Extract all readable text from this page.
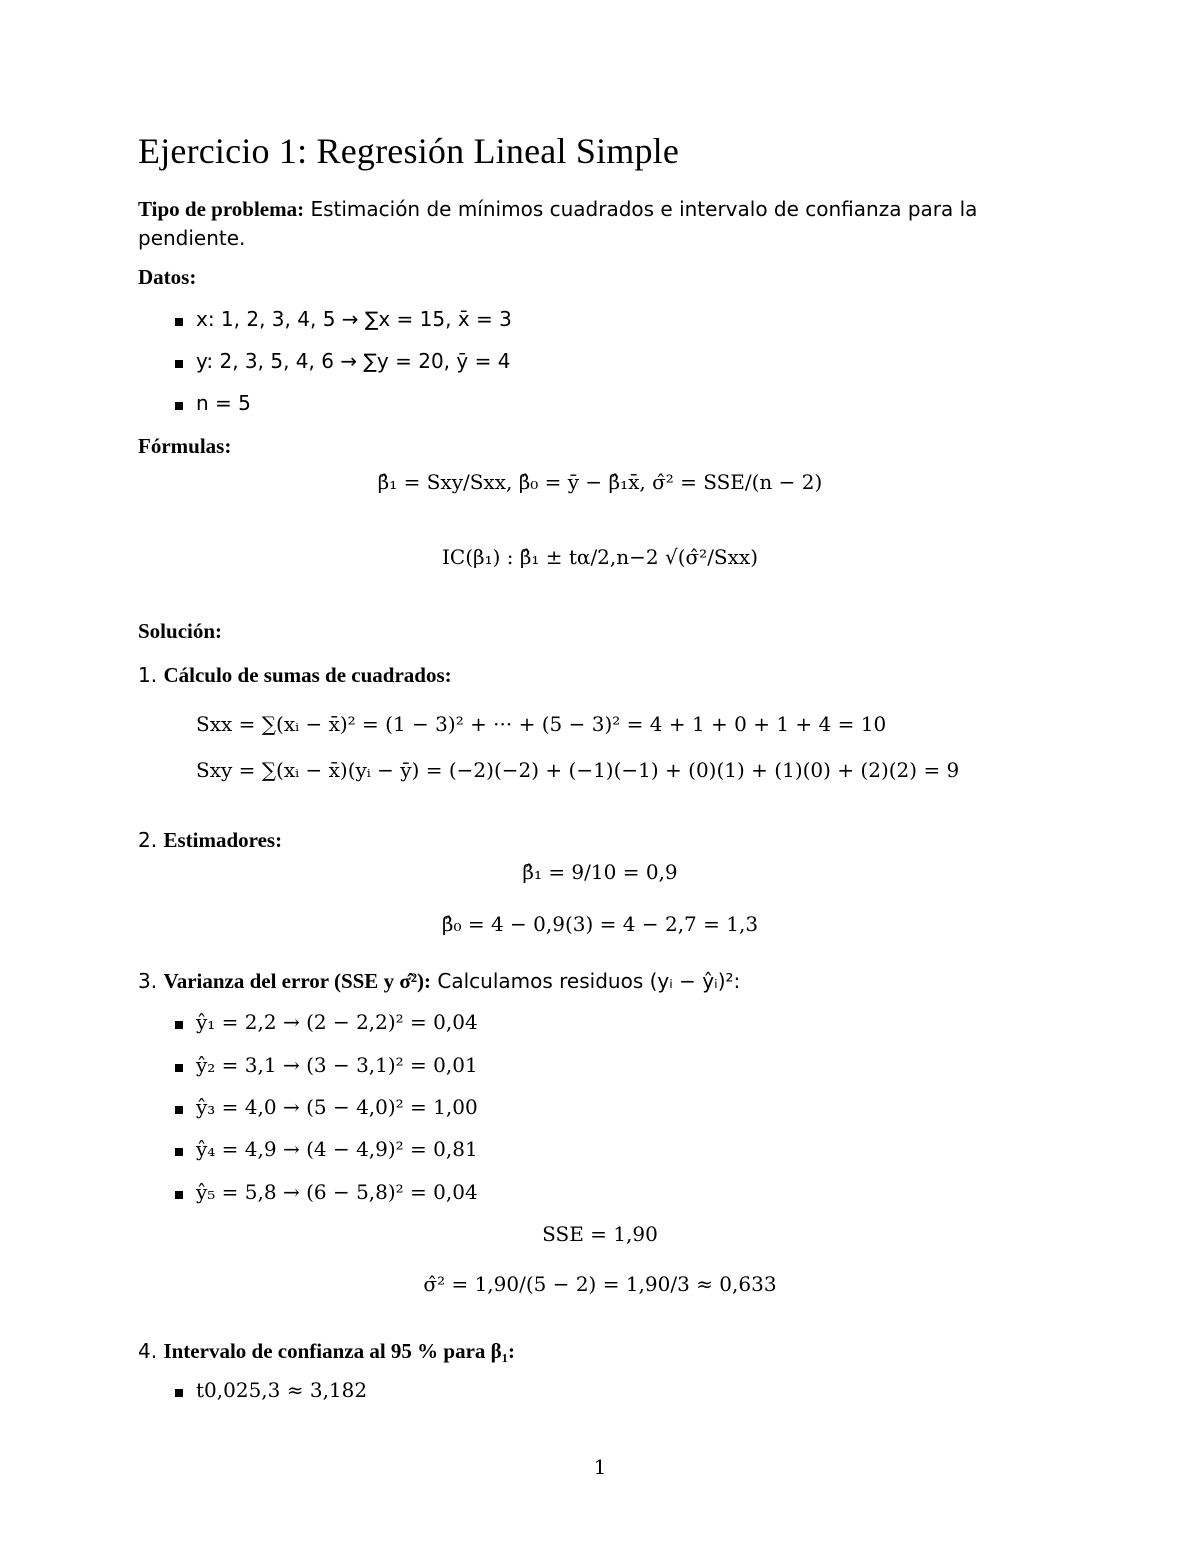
Ejercicio 1: Regresión Lineal Simple
Tipo de problema: Estimación de mínimos cuadrados e intervalo de confianza para la
pendiente.
Datos:
x: 1, 2, 3, 4, 5 → ∑x = 15, x̄ = 3
y: 2, 3, 5, 4, 6 → ∑y = 20, ȳ = 4
n = 5
Fórmulas:
β̂₁ = Sxy/Sxx, β̂₀ = ȳ − β̂₁x̄, σ̂² = SSE/(n − 2)
IC(β₁) : β̂₁ ± tα/2,n−2 √(σ̂²/Sxx)
Solución:
1. Cálculo de sumas de cuadrados:
Sxx = ∑(xᵢ − x̄)² = (1 − 3)² + ··· + (5 − 3)² = 4 + 1 + 0 + 1 + 4 = 10
Sxy = ∑(xᵢ − x̄)(yᵢ − ȳ) = (−2)(−2) + (−1)(−1) + (0)(1) + (1)(0) + (2)(2) = 9
2. Estimadores:
β̂₁ = 9/10 = 0,9
β̂₀ = 4 − 0,9(3) = 4 − 2,7 = 1,3
3. Varianza del error (SSE y σ̂²): Calculamos residuos (yᵢ − ŷᵢ)²:
ŷ₁ = 2,2 → (2 − 2,2)² = 0,04
ŷ₂ = 3,1 → (3 − 3,1)² = 0,01
ŷ₃ = 4,0 → (5 − 4,0)² = 1,00
ŷ₄ = 4,9 → (4 − 4,9)² = 0,81
ŷ₅ = 5,8 → (6 − 5,8)² = 0,04
SSE = 1,90
σ̂² = 1,90/(5 − 2) = 1,90/3 ≈ 0,633
4. Intervalo de confianza al 95 % para β₁:
t0,025,3 ≈ 3,182
1
